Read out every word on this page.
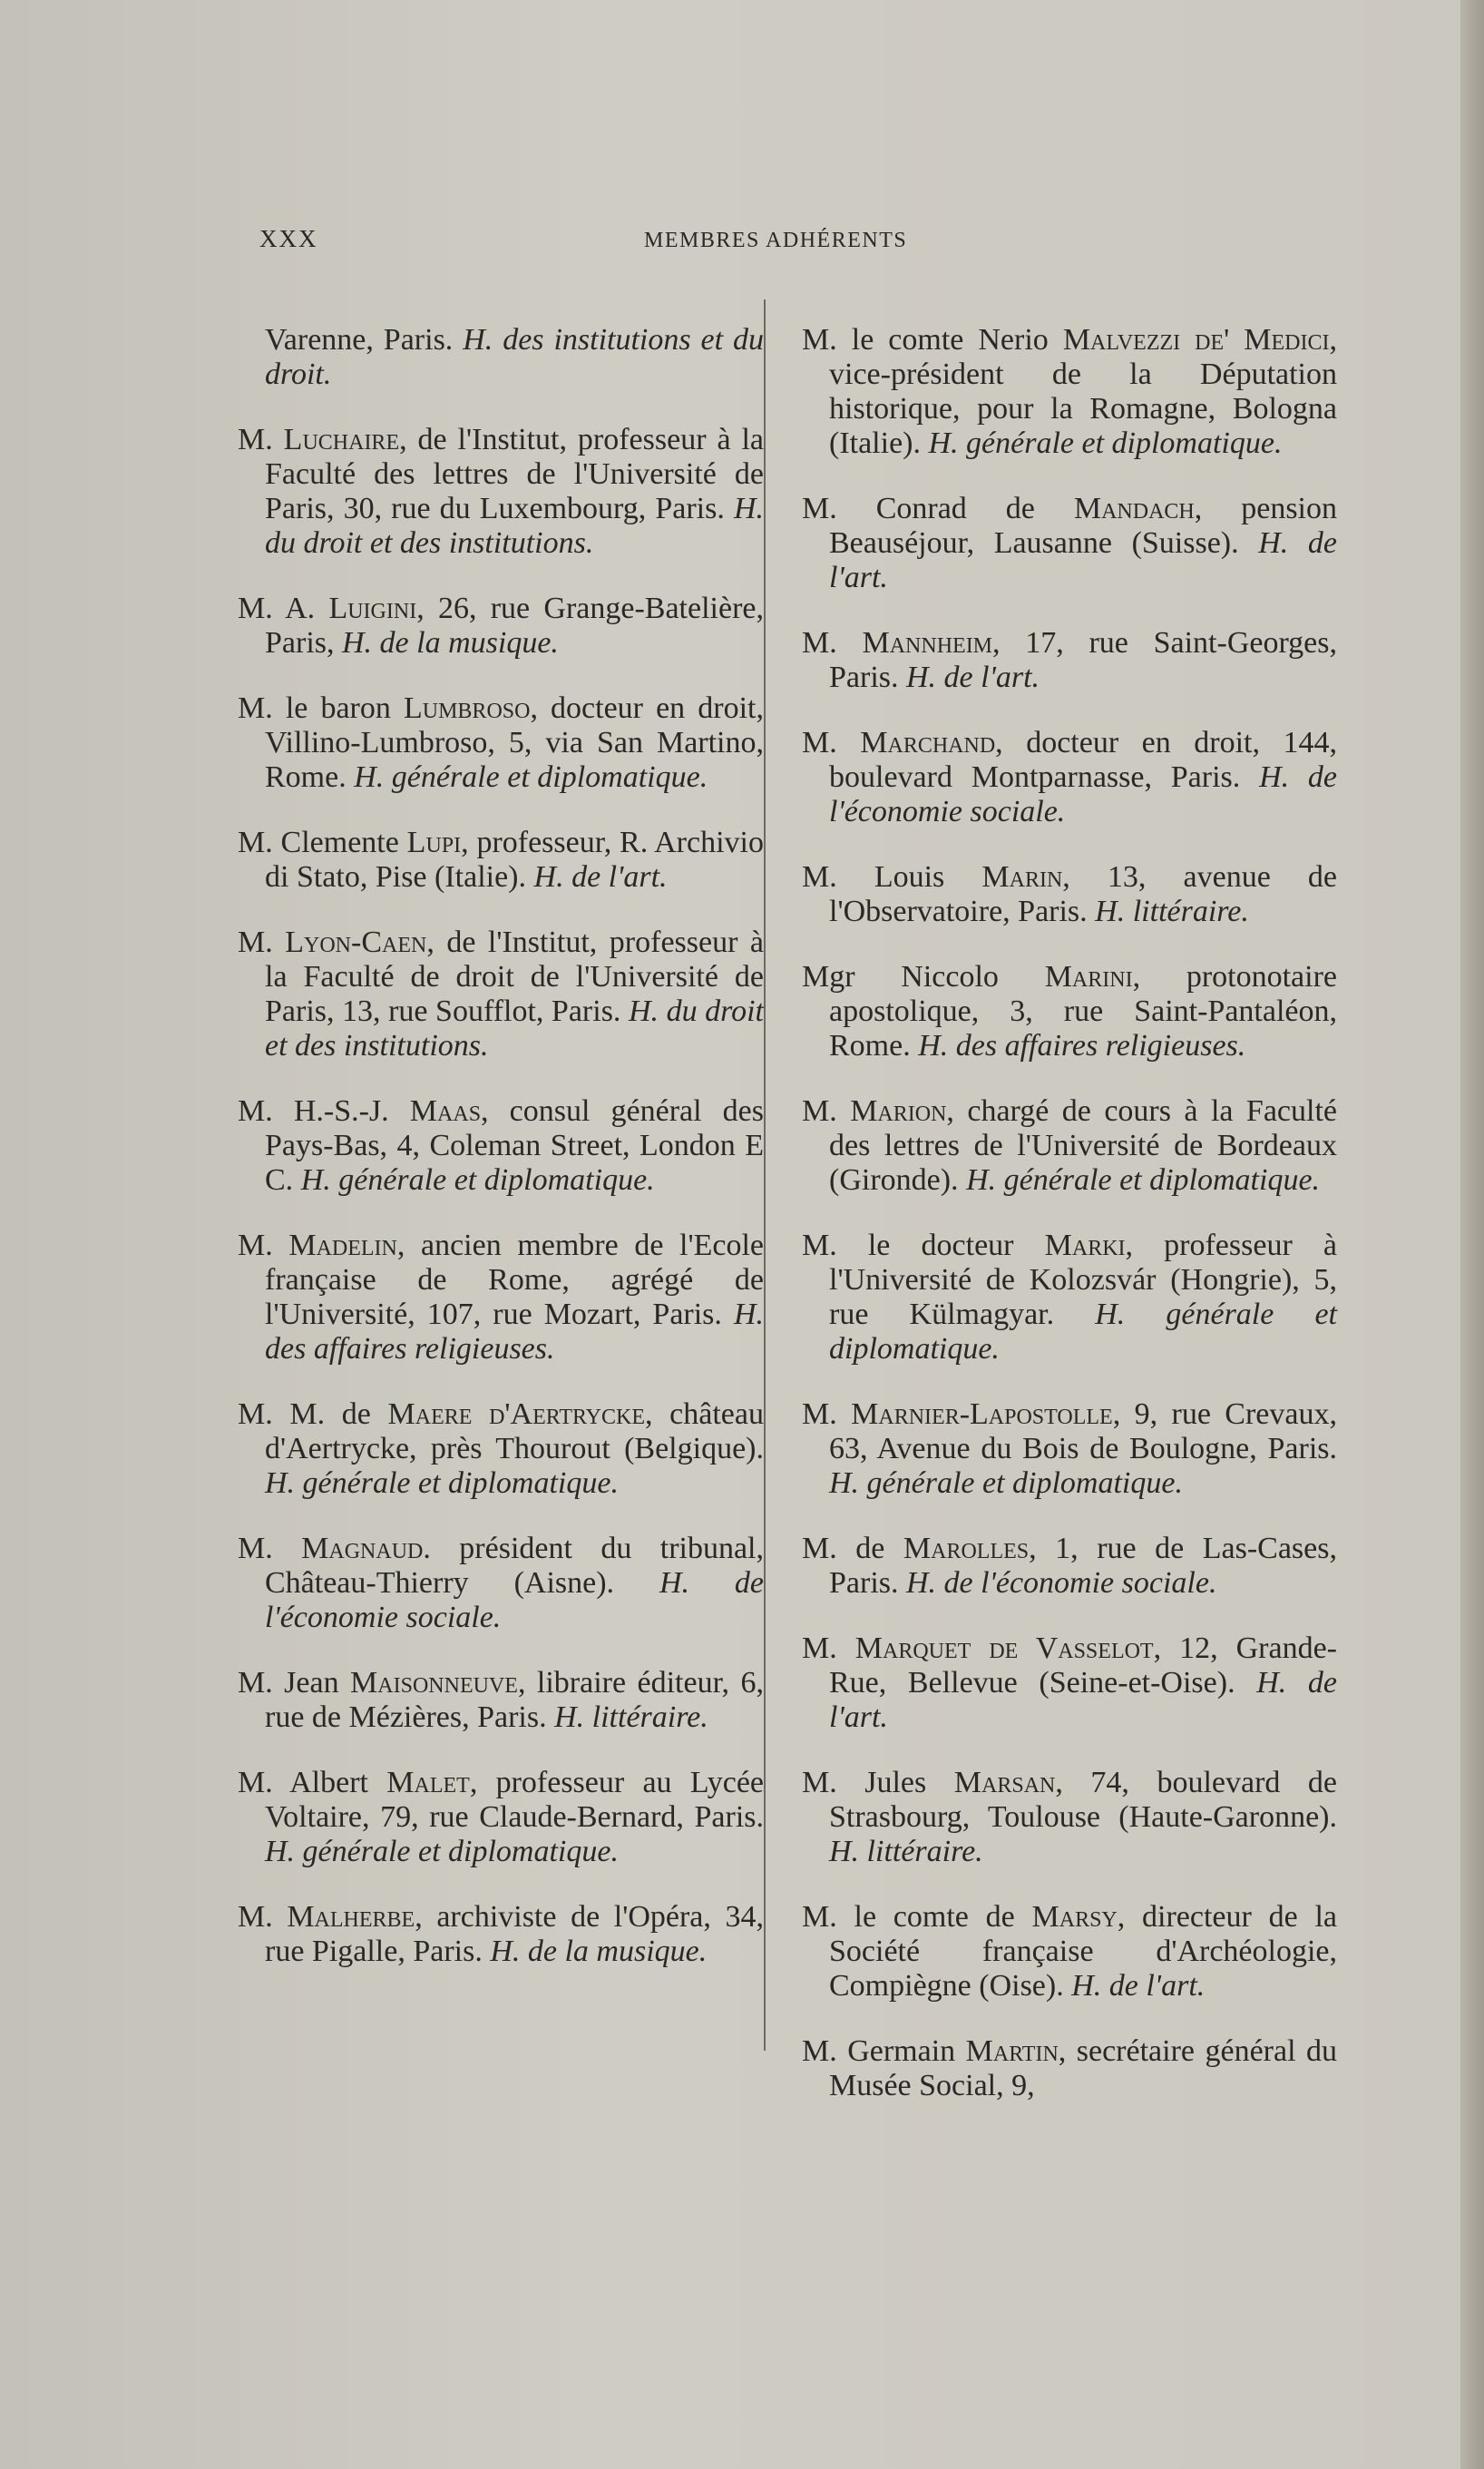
XXX	MEMBRES ADHÉRENTS

Varenne, Paris. H. des institutions et du droit.

M. Luchaire, de l'Institut, professeur à la Faculté des lettres de l'Université de Paris, 30, rue du Luxembourg, Paris. H. du droit et des institutions.

M. A. Luigini, 26, rue Grange-Batelière, Paris, H. de la musique.

M. le baron Lumbroso, docteur en droit, Villino-Lumbroso, 5, via San Martino, Rome. H. générale et diplomatique.

M. Clemente Lupi, professeur, R. Archivio di Stato, Pise (Italie). H. de l'art.

M. Lyon-Caen, de l'Institut, professeur à la Faculté de droit de l'Université de Paris, 13, rue Soufflot, Paris. H. du droit et des institutions.

M. H.-S.-J. Maas, consul général des Pays-Bas, 4, Coleman Street, London E C. H. générale et diplomatique.

M. Madelin, ancien membre de l'Ecole française de Rome, agrégé de l'Université, 107, rue Mozart, Paris. H. des affaires religieuses.

M. M. de Maere d'Aertrycke, château d'Aertrycke, près Thourout (Belgique). H. générale et diplomatique.

M. Magnaud. président du tribunal, Château-Thierry (Aisne). H. de l'économie sociale.

M. Jean Maisonneuve, libraire éditeur, 6, rue de Mézières, Paris. H. littéraire.

M. Albert Malet, professeur au Lycée Voltaire, 79, rue Claude-Bernard, Paris. H. générale et diplomatique.

M. Malherbe, archiviste de l'Opéra, 34, rue Pigalle, Paris. H. de la musique.

M. le comte Nerio Malvezzi de' Medici, vice-président de la Députation historique, pour la Romagne, Bologna (Italie). H. générale et diplomatique.

M. Conrad de Mandach, pension Beauséjour, Lausanne (Suisse). H. de l'art.

M. Mannheim, 17, rue Saint-Georges, Paris. H. de l'art.

M. Marchand, docteur en droit, 144, boulevard Montparnasse, Paris. H. de l'économie sociale.

M. Louis Marin, 13, avenue de l'Observatoire, Paris. H. littéraire.

Mgr Niccolo Marini, protonotaire apostolique, 3, rue Saint-Pantaléon, Rome. H. des affaires religieuses.

M. Marion, chargé de cours à la Faculté des lettres de l'Université de Bordeaux (Gironde). H. générale et diplomatique.

M. le docteur Marki, professeur à l'Université de Kolozsvár (Hongrie), 5, rue Külmagyar. H. générale et diplomatique.

M. Marnier-Lapostolle, 9, rue Crevaux, 63, Avenue du Bois de Boulogne, Paris. H. générale et diplomatique.

M. de Marolles, 1, rue de Las-Cases, Paris. H. de l'économie sociale.

M. Marquet de Vasselot, 12, Grande-Rue, Bellevue (Seine-et-Oise). H. de l'art.

M. Jules Marsan, 74, boulevard de Strasbourg, Toulouse (Haute-Garonne). H. littéraire.

M. le comte de Marsy, directeur de la Société française d'Archéologie, Compiègne (Oise). H. de l'art.

M. Germain Martin, secrétaire général du Musée Social, 9,
